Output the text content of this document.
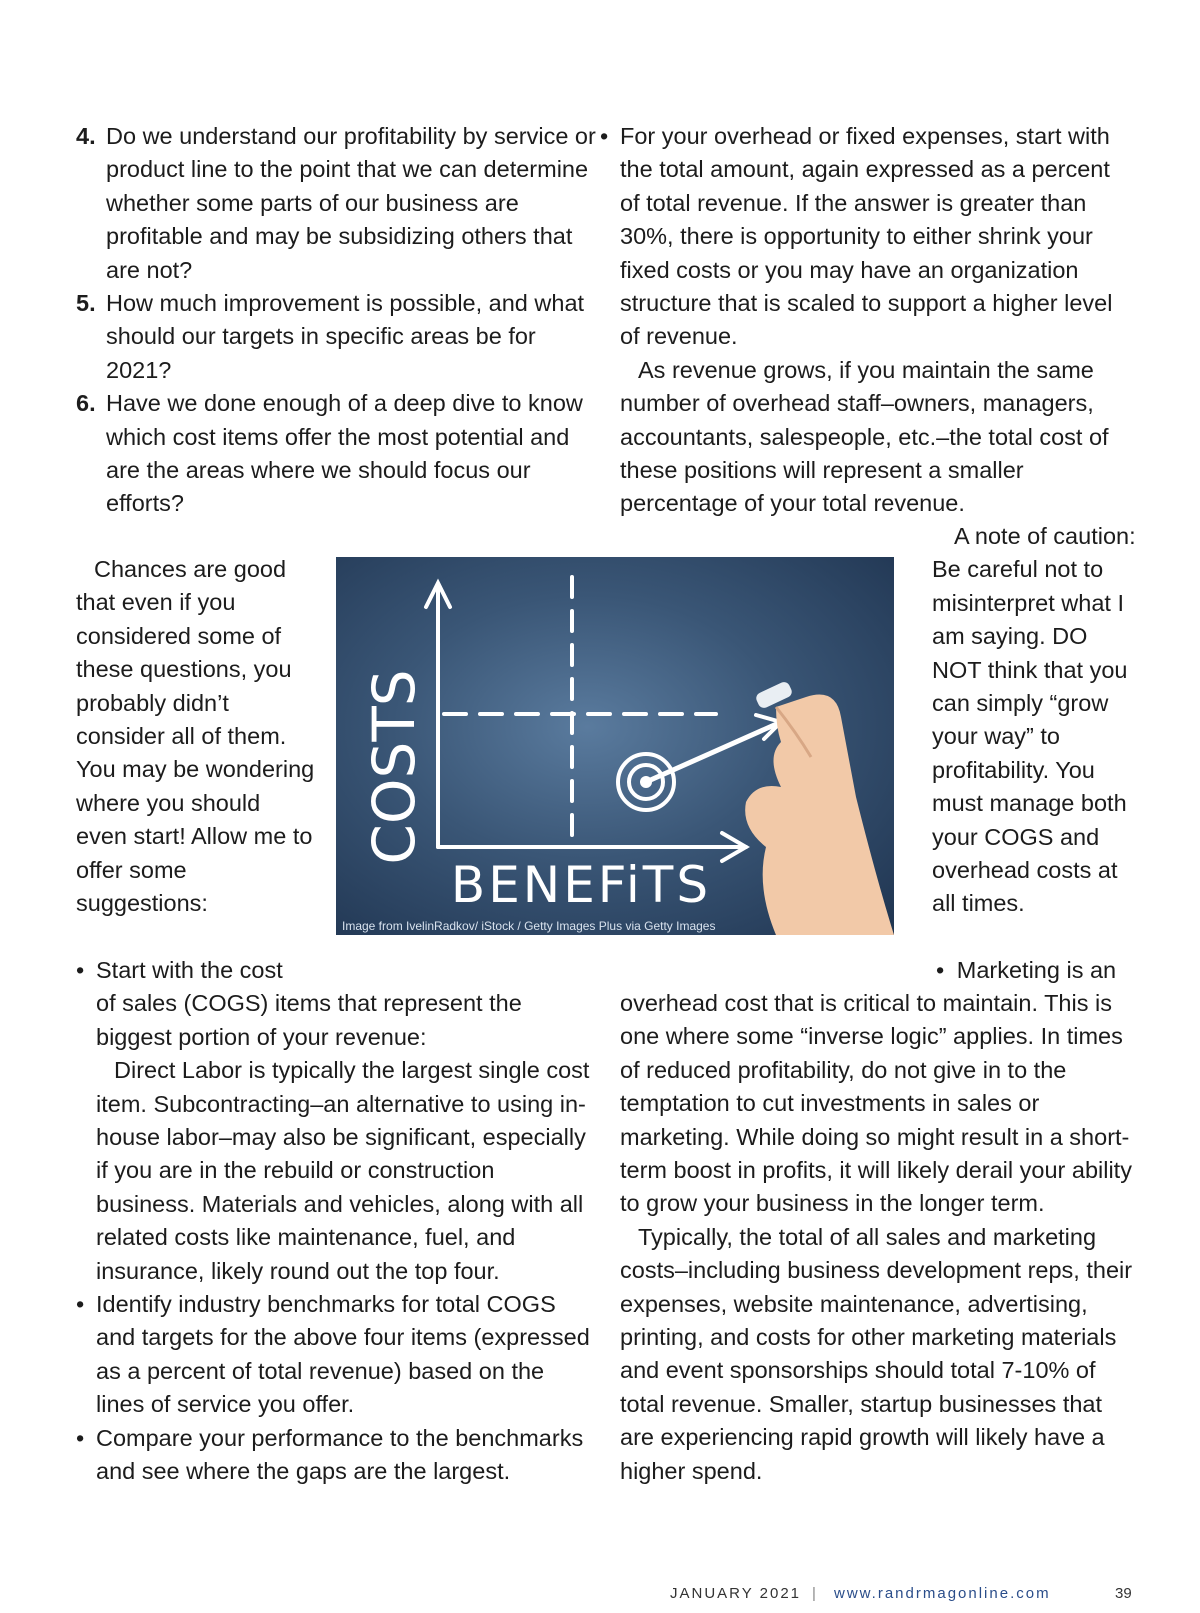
4. Do we understand our profitability by service or product line to the point that we can determine whether some parts of our business are profitable and may be subsidizing others that are not?
5. How much improvement is possible, and what should our targets in specific areas be for 2021?
6. Have we done enough of a deep dive to know which cost items offer the most potential and are the areas where we should focus our efforts?
• For your overhead or fixed expenses, start with the total amount, again expressed as a percent of total revenue. If the answer is greater than 30%, there is opportunity to either shrink your fixed costs or you may have an organization structure that is scaled to support a higher level of revenue.

As revenue grows, if you maintain the same number of overhead staff–owners, managers, accountants, salespeople, etc.–the total cost of these positions will represent a smaller percentage of your total revenue.

Chances are good that even if you considered some of these questions, you probably didn’t consider all of them. You may be wondering where you should even start! Allow me to offer some suggestions:

A note of caution: Be careful not to misinterpret what I am saying. DO NOT think that you can simply “grow your way” to profitability. You must manage both your COGS and overhead costs at all times.

COSTS
BENEFiTS
Image from IvelinRadkov/ iStock / Getty Images Plus via Getty Images
• Start with the cost
of sales (COGS) items that represent the biggest portion of your revenue:

Direct Labor is typically the largest single cost item. Subcontracting–an alternative to using in-house labor–may also be significant, especially if you are in the rebuild or construction business. Materials and vehicles, along with all related costs like maintenance, fuel, and insurance, likely round out the top four.

• Identify industry benchmarks for total COGS and targets for the above four items (expressed as a percent of total revenue) based on the lines of service you offer.
• Compare your performance to the benchmarks and see where the gaps are the largest.
• Marketing is an

overhead cost that is critical to maintain. This is one where some “inverse logic” applies. In times of reduced profitability, do not give in to the temptation to cut investments in sales or marketing. While doing so might result in a short-term boost in profits, it will likely derail your ability to grow your business in the longer term.

Typically, the total of all sales and marketing costs–including business development reps, their expenses, website maintenance, advertising, printing, and costs for other marketing materials and event sponsorships should total 7-10% of total revenue. Smaller, startup businesses that are experiencing rapid growth will likely have a higher spend.

JANUARY 2021 | www.randrmagonline.com	39
